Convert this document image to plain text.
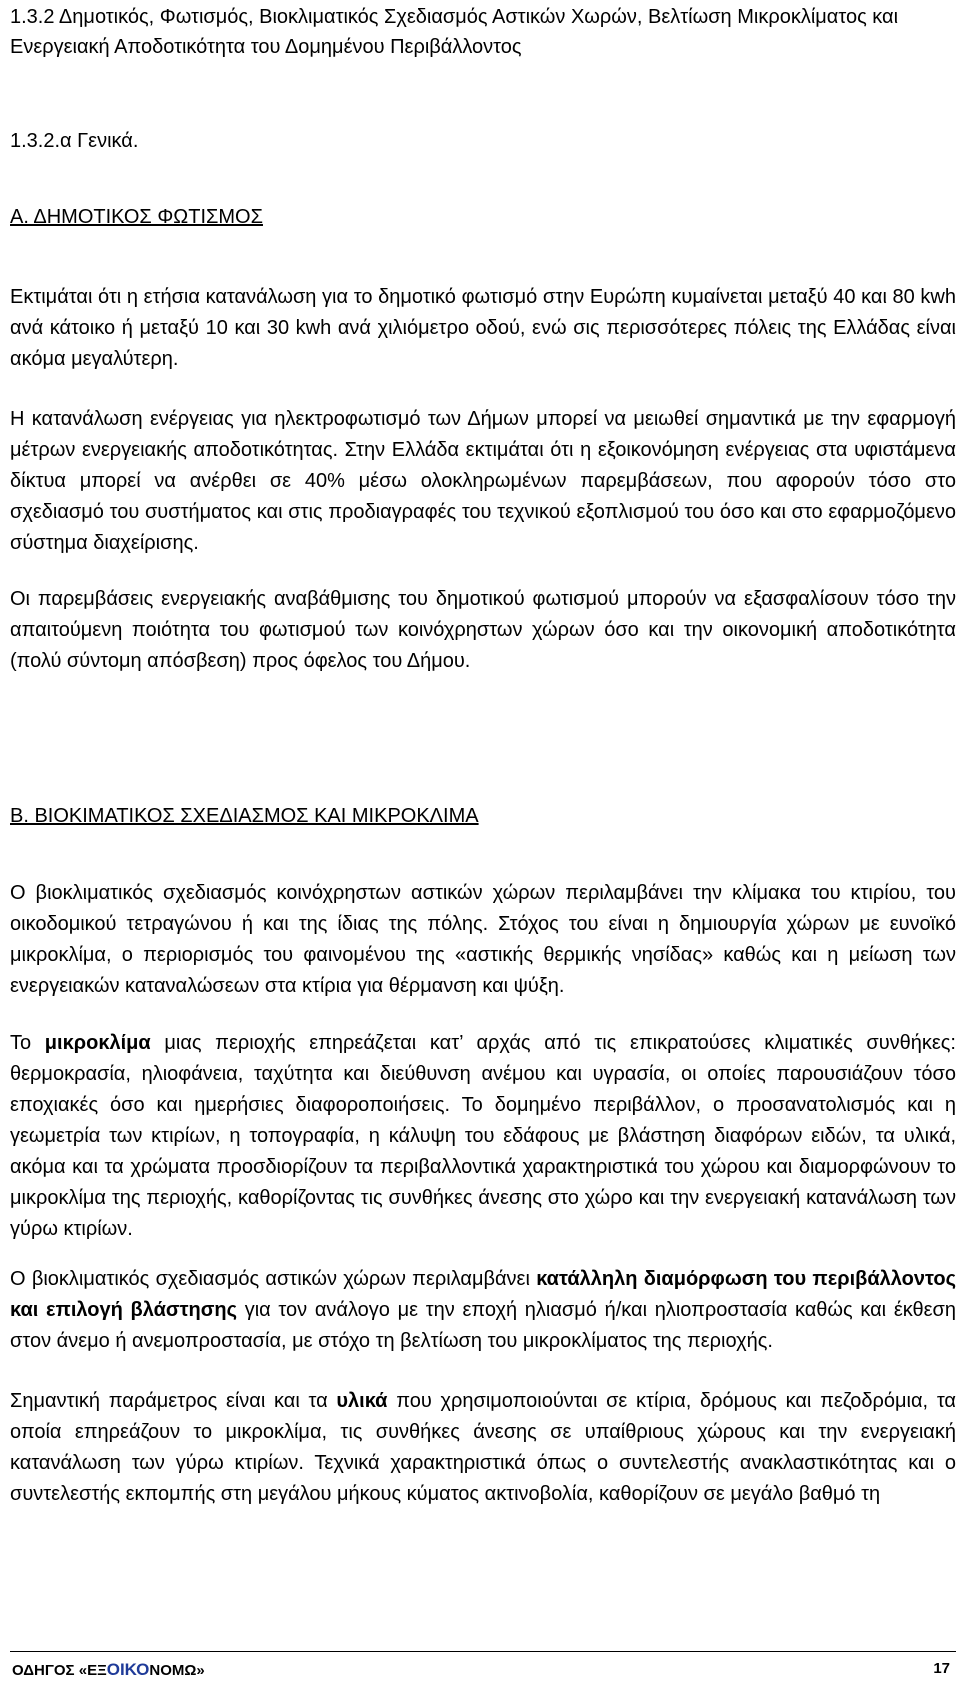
1.3.2 Δημοτικός, Φωτισμός, Βιοκλιματικός Σχεδιασμός Αστικών Χωρών, Βελτίωση Μικροκλίματος και Ενεργειακή Αποδοτικότητα του Δομημένου Περιβάλλοντος
1.3.2.α Γενικά.
Α. ΔΗΜΟΤΙΚΟΣ ΦΩΤΙΣΜΟΣ

Εκτιμάται ότι η ετήσια κατανάλωση για το δημοτικό φωτισμό στην Ευρώπη κυμαίνεται μεταξύ 40 και 80 kwh ανά κάτοικο ή μεταξύ 10 και 30 kwh ανά χιλιόμετρο οδού, ενώ σις περισσότερες πόλεις της Ελλάδας είναι ακόμα μεγαλύτερη.

Η κατανάλωση ενέργειας για ηλεκτροφωτισμό των Δήμων μπορεί να μειωθεί σημαντικά με την εφαρμογή μέτρων ενεργειακής αποδοτικότητας. Στην Ελλάδα εκτιμάται ότι η εξοικονόμηση ενέργειας στα υφιστάμενα δίκτυα μπορεί να ανέρθει σε 40% μέσω ολοκληρωμένων παρεμβάσεων, που αφορούν τόσο στο σχεδιασμό του συστήματος και στις προδιαγραφές του τεχνικού εξοπλισμού του όσο και στο εφαρμοζόμενο σύστημα διαχείρισης.

Οι παρεμβάσεις ενεργειακής αναβάθμισης του δημοτικού φωτισμού μπορούν να εξασφαλίσουν τόσο την απαιτούμενη ποιότητα του φωτισμού των κοινόχρηστων χώρων όσο και την οικονομική αποδοτικότητα (πολύ σύντομη απόσβεση) προς όφελος του Δήμου.

Β. ΒΙΟΚΙΜΑΤΙΚΟΣ ΣΧΕΔΙΑΣΜΟΣ ΚΑΙ ΜΙΚΡΟΚΛΙΜΑ

Ο βιοκλιματικός σχεδιασμός κοινόχρηστων αστικών χώρων περιλαμβάνει την κλίμακα του κτιρίου, του οικοδομικού τετραγώνου ή και της ίδιας της πόλης. Στόχος του είναι η δημιουργία χώρων με ευνοϊκό μικροκλίμα, ο περιορισμός του φαινομένου της «αστικής θερμικής νησίδας» καθώς και η μείωση των ενεργειακών καταναλώσεων στα κτίρια για θέρμανση και ψύξη.

Το μικροκλίμα μιας περιοχής επηρεάζεται κατ’ αρχάς από τις επικρατούσες κλιματικές συνθήκες: θερμοκρασία, ηλιοφάνεια, ταχύτητα και διεύθυνση ανέμου και υγρασία, οι οποίες παρουσιάζουν τόσο εποχιακές όσο και ημερήσιες διαφοροποιήσεις. Το δομημένο περιβάλλον, ο προσανατολισμός και η γεωμετρία των κτιρίων, η τοπογραφία, η κάλυψη του εδάφους με βλάστηση διαφόρων ειδών, τα υλικά, ακόμα και τα χρώματα προσδιορίζουν τα περιβαλλοντικά χαρακτηριστικά του χώρου και διαμορφώνουν το μικροκλίμα της περιοχής, καθορίζοντας τις συνθήκες άνεσης στο χώρο και την ενεργειακή κατανάλωση των γύρω κτιρίων.

Ο βιοκλιματικός σχεδιασμός αστικών χώρων περιλαμβάνει κατάλληλη διαμόρφωση του περιβάλλοντος και επιλογή βλάστησης για τον ανάλογο με την εποχή ηλιασμό ή/και ηλιοπροστασία καθώς και έκθεση στον άνεμο ή ανεμοπροστασία, με στόχο τη βελτίωση του μικροκλίματος της περιοχής.

Σημαντική παράμετρος είναι και τα υλικά που χρησιμοποιούνται σε κτίρια, δρόμους και πεζοδρόμια, τα οποία επηρεάζουν το μικροκλίμα, τις συνθήκες άνεσης σε υπαίθριους χώρους και την ενεργειακή κατανάλωση των γύρω κτιρίων. Τεχνικά χαρακτηριστικά όπως ο συντελεστής ανακλαστικότητας και ο συντελεστής εκπομπής στη μεγάλου μήκους κύματος ακτινοβολία, καθορίζουν σε μεγάλο βαθμό τη

ΟΔΗΓΟΣ «ΕΞΟΙΚΟΝΟΜΩ»	17
